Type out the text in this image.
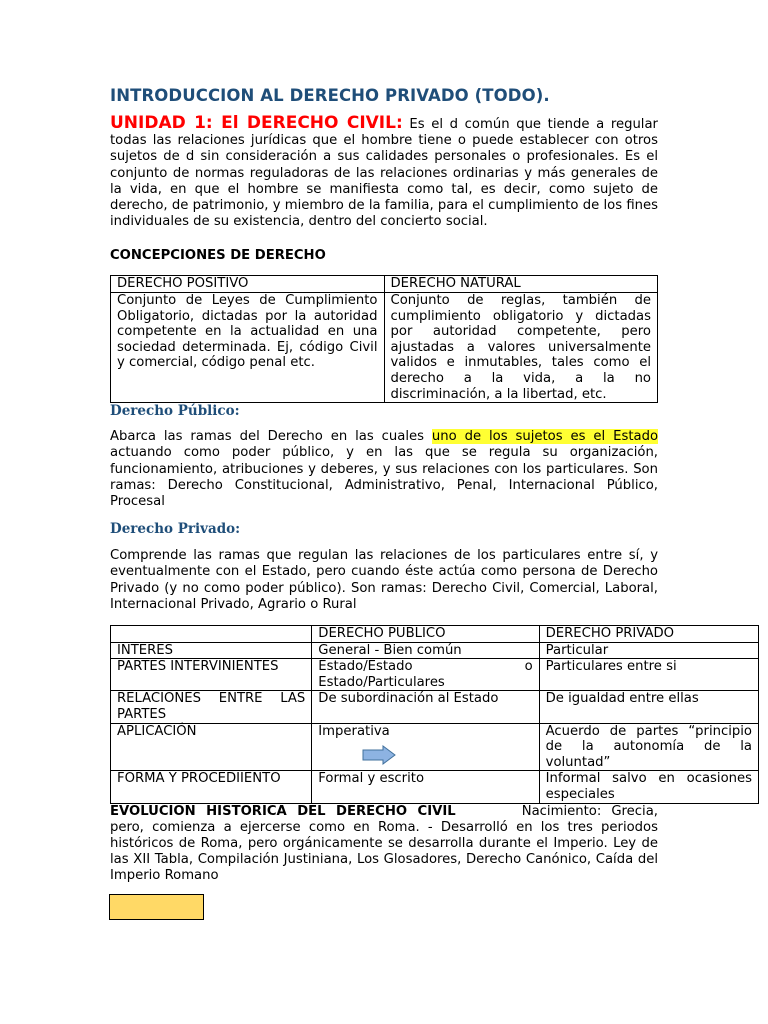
INTRODUCCION AL DERECHO PRIVADO (TODO).
UNIDAD 1: El DERECHO CIVIL: Es el d común que tiende a regular todas las relaciones jurídicas que el hombre tiene o puede establecer con otros sujetos de d sin consideración a sus calidades personales o profesionales. Es el conjunto de normas reguladoras de las relaciones ordinarias y más generales de la vida, en que el hombre se manifiesta como tal, es decir, como sujeto de derecho, de patrimonio, y miembro de la familia, para el cumplimiento de los fines individuales de su existencia, dentro del concierto social.
CONCEPCIONES DE DERECHO
DERECHO POSITIVO	DERECHO NATURAL
Conjunto de Leyes de Cumplimiento Obligatorio, dictadas por la autoridad competente en la actualidad en una sociedad determinada. Ej, código Civil y comercial, código penal etc.	Conjunto de reglas, también de cumplimiento obligatorio y dictadas por autoridad competente, pero ajustadas a valores universalmente validos e inmutables, tales como el derecho a la vida, a la no discriminación, a la libertad, etc.
Derecho Público:
Abarca las ramas del Derecho en las cuales uno de los sujetos es el Estado actuando como poder público, y en las que se regula su organización, funcionamiento, atribuciones y deberes, y sus relaciones con los particulares. Son ramas: Derecho Constitucional, Administrativo, Penal, Internacional Público, Procesal
Derecho Privado:
Comprende las ramas que regulan las relaciones de los particulares entre sí, y eventualmente con el Estado, pero cuando éste actúa como persona de Derecho Privado (y no como poder público). Son ramas: Derecho Civil, Comercial, Laboral, Internacional Privado, Agrario o Rural
	DERECHO PUBLICO	DERECHO PRIVADO
INTERES	General - Bien común	Particular
PARTES INTERVINIENTES	Estado/Estado o Estado/Particulares	Particulares entre si
RELACIONES ENTRE LAS PARTES	De subordinación al Estado	De igualdad entre ellas
APLICACIÓN	Imperativa	Acuerdo de partes “principio de la autonomía de la voluntad”
FORMA Y PROCEDIIENTO	Formal y escrito	Informal salvo en ocasiones especiales
EVOLUCION HISTORICA DEL DERECHO CIVIL	Nacimiento: Grecia, pero, comienza a ejercerse como en Roma. - Desarrolló en los tres periodos históricos de Roma, pero orgánicamente se desarrolla durante el Imperio. Ley de las XII Tabla, Compilación Justiniana, Los Glosadores, Derecho Canónico, Caída del Imperio Romano
